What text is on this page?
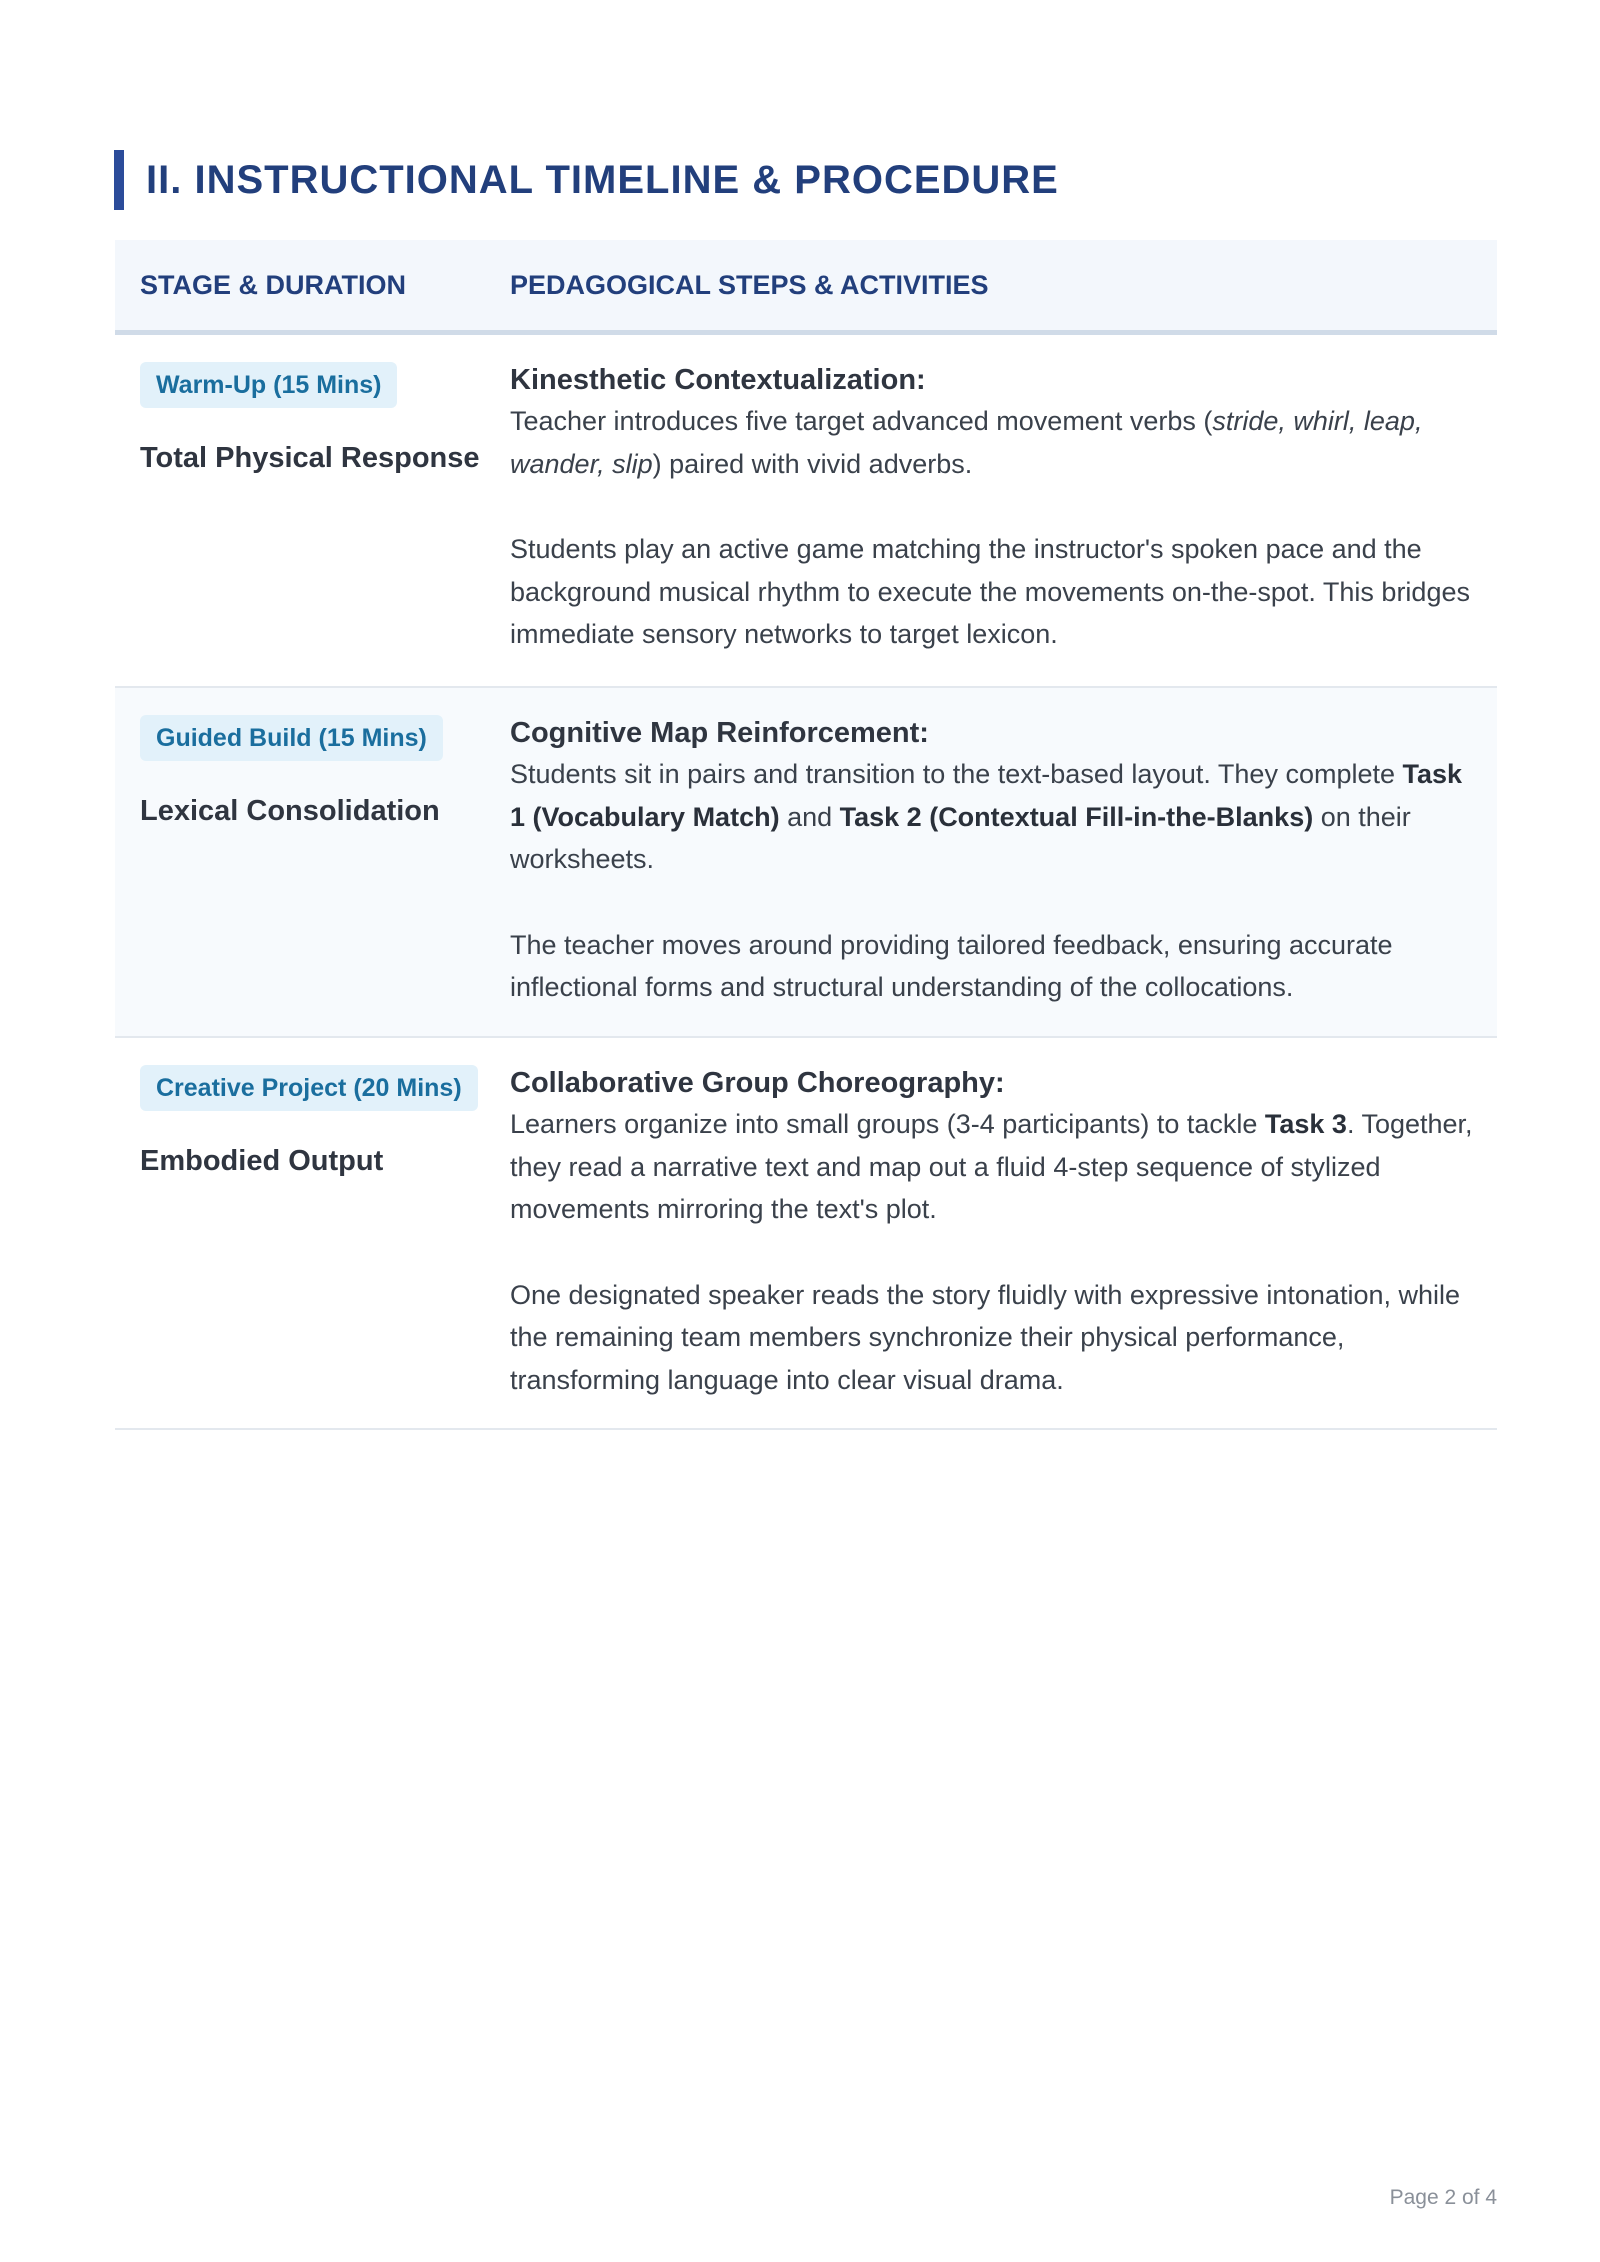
II. INSTRUCTIONAL TIMELINE & PROCEDURE
STAGE & DURATION	PEDAGOGICAL STEPS & ACTIVITIES
Warm-Up (15 Mins)
Total Physical Response
Kinesthetic Contextualization:

Teacher introduces five target advanced movement verbs (stride, whirl, leap, wander, slip) paired with vivid adverbs.

Students play an active game matching the instructor's spoken pace and the background musical rhythm to execute the movements on-the-spot. This bridges immediate sensory networks to target lexicon.

Guided Build (15 Mins)
Lexical Consolidation
Cognitive Map Reinforcement:

Students sit in pairs and transition to the text-based layout. They complete Task 1 (Vocabulary Match) and Task 2 (Contextual Fill-in-the-Blanks) on their worksheets.

The teacher moves around providing tailored feedback, ensuring accurate inflectional forms and structural understanding of the collocations.

Creative Project (20 Mins)
Embodied Output
Collaborative Group Choreography:

Learners organize into small groups (3-4 participants) to tackle Task 3. Together, they read a narrative text and map out a fluid 4-step sequence of stylized movements mirroring the text's plot.

One designated speaker reads the story fluidly with expressive intonation, while the remaining team members synchronize their physical performance, transforming language into clear visual drama.

Page 2 of 4
